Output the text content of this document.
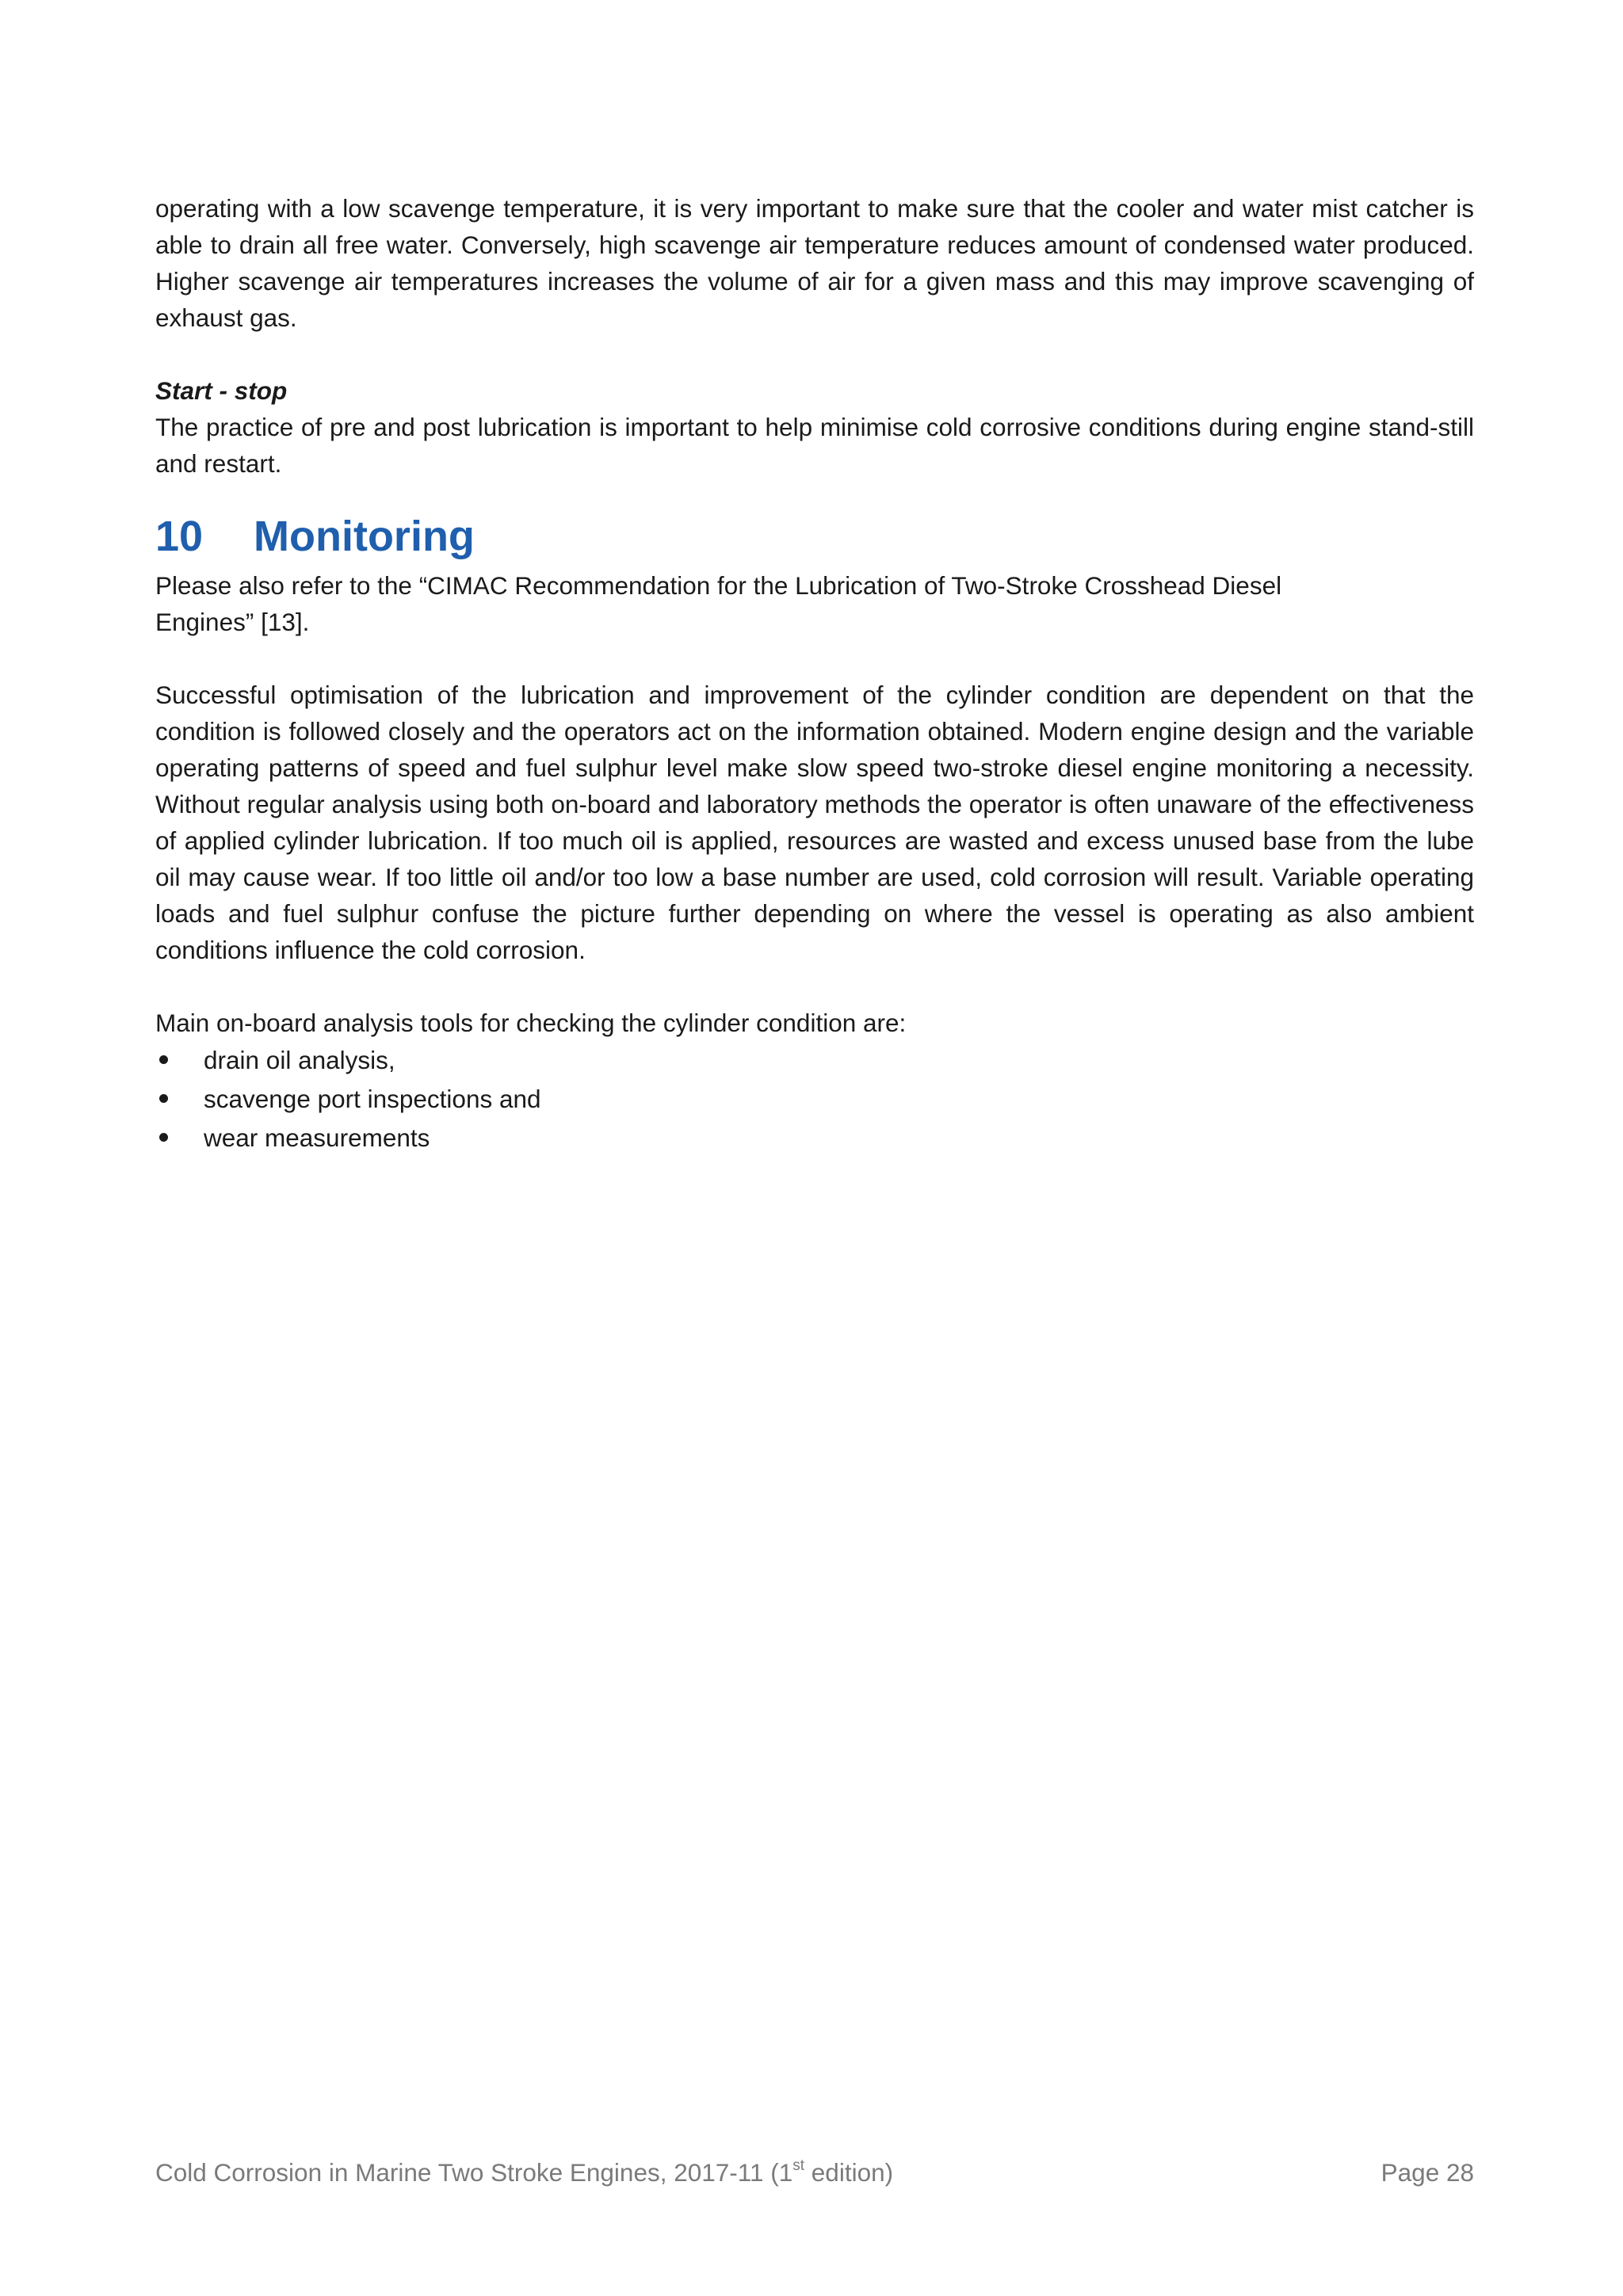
operating with a low scavenge temperature, it is very important to make sure that the cooler and water mist catcher is able to drain all free water. Conversely, high scavenge air temperature reduces amount of condensed water produced. Higher scavenge air temperatures increases the volume of air for a given mass and this may improve scavenging of exhaust gas.

Start - stop

The practice of pre and post lubrication is important to help minimise cold corrosive conditions during engine stand-still and restart.

10 Monitoring

Please also refer to the “CIMAC Recommendation for the Lubrication of Two-Stroke Crosshead Diesel
Engines” [13].

Successful optimisation of the lubrication and improvement of the cylinder condition are dependent on that the condition is followed closely and the operators act on the information obtained. Modern engine design and the variable operating patterns of speed and fuel sulphur level make slow speed two-stroke diesel engine monitoring a necessity. Without regular analysis using both on-board and laboratory methods the operator is often unaware of the effectiveness of applied cylinder lubrication. If too much oil is applied, resources are wasted and excess unused base from the lube oil may cause wear. If too little oil and/or too low a base number are used, cold corrosion will result. Variable operating loads and fuel sulphur confuse the picture further depending on where the vessel is operating as also ambient conditions influence the cold corrosion.

Main on-board analysis tools for checking the cylinder condition are:

drain oil analysis,
scavenge port inspections and
wear measurements
Cold Corrosion in Marine Two Stroke Engines, 2017-11 (1st edition)	Page 28
